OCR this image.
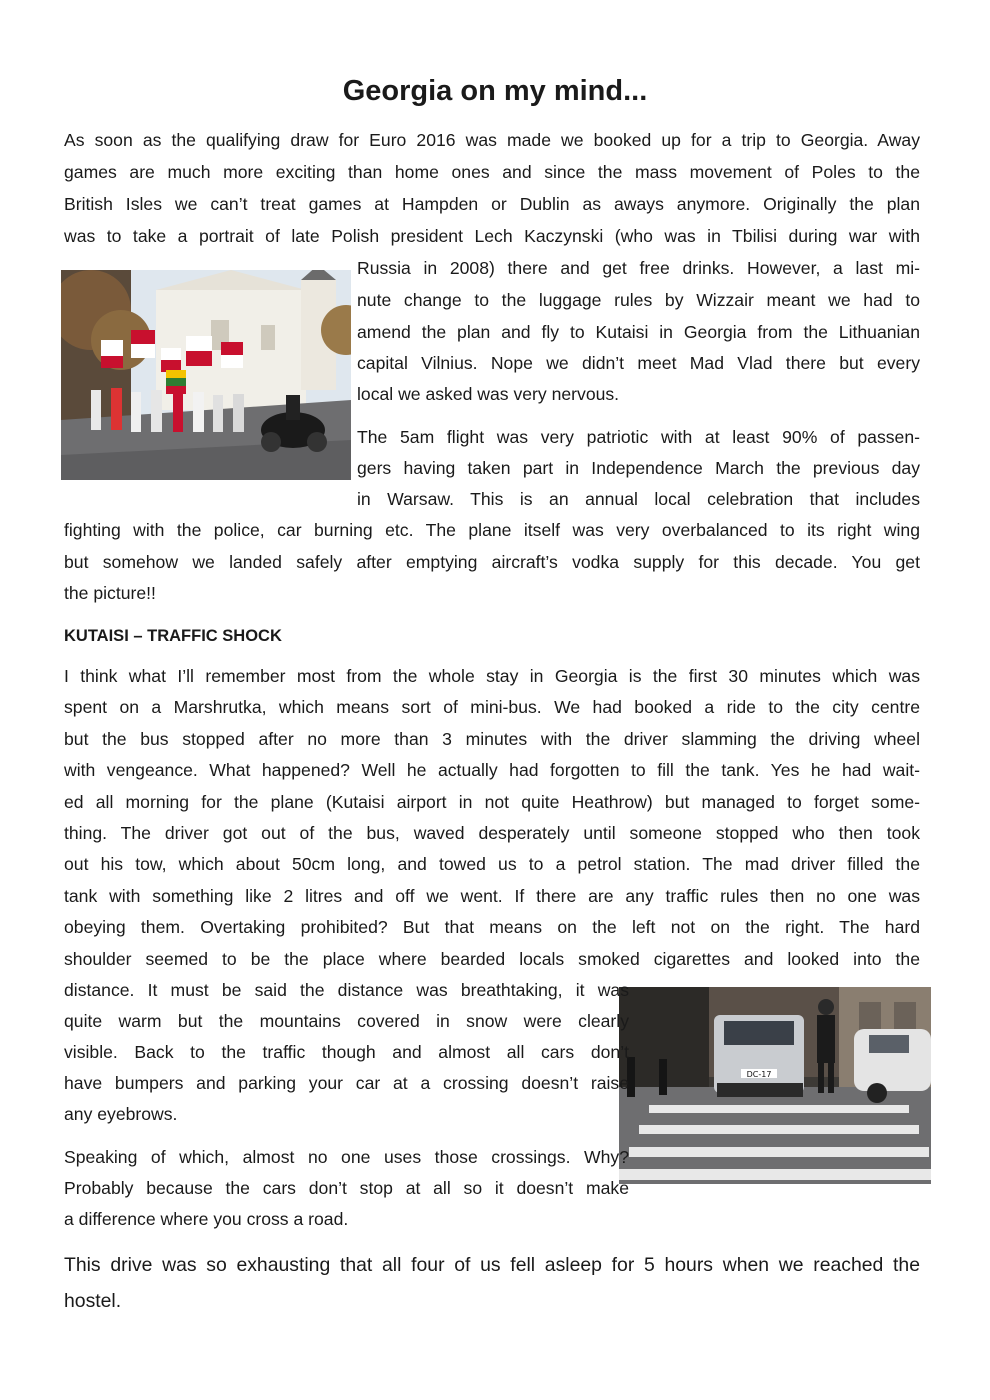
Georgia on my mind...

As soon as the qualifying draw for Euro 2016 was made we booked up for a trip to Georgia. Away

games are much more exciting than home ones and since the mass movement of Poles to the

British Isles we can’t treat games at Hampden or Dublin as aways anymore. Originally the plan

was to take a portrait of late Polish president Lech Kaczynski (who was in Tbilisi during war with

Russia in 2008) there and get free drinks. However, a last mi-

nute change to the luggage rules by Wizzair meant we had to

amend the plan and fly to Kutaisi in Georgia from the Lithuanian

capital Vilnius. Nope we didn’t meet Mad Vlad there but every

local we asked was very nervous.

The 5am flight was very patriotic with at least 90% of passen-

gers having taken part in Independence March the previous day

in Warsaw. This is an annual local celebration that includes

fighting with the police, car burning etc. The plane itself was very overbalanced to its right wing

but somehow we landed safely after emptying aircraft’s vodka supply for this decade. You get

the picture!!

KUTAISI – TRAFFIC SHOCK

I think what I’ll remember most from the whole stay in Georgia is the first 30 minutes which was

spent on a Marshrutka, which means sort of mini-bus. We had booked a ride to the city centre

but the bus stopped after no more than 3 minutes with the driver slamming the driving wheel

with vengeance. What happened? Well he actually had forgotten to fill the tank. Yes he had wait-

ed all morning for the plane (Kutaisi airport in not quite Heathrow) but managed to forget some-

thing. The driver got out of the bus, waved desperately until someone stopped who then took

out his tow, which about 50cm long, and towed us to a petrol station. The mad driver filled the

tank with something like 2 litres and off we went. If there are any traffic rules then no one was

obeying them. Overtaking prohibited? But that means on the left not on the right. The hard

shoulder seemed to be the place where bearded locals smoked cigarettes and looked into the

DC-17

distance. It must be said the distance was breathtaking, it was

quite warm but the mountains covered in snow were clearly

visible. Back to the traffic though and almost all cars don’t

have bumpers and parking your car at a crossing doesn’t raise

any eyebrows.

Speaking of which, almost no one uses those crossings. Why?

Probably because the cars don’t stop at all so it doesn’t make

a difference where you cross a road.

This drive was so exhausting that all four of us fell asleep for 5 hours when we reached the

hostel.
